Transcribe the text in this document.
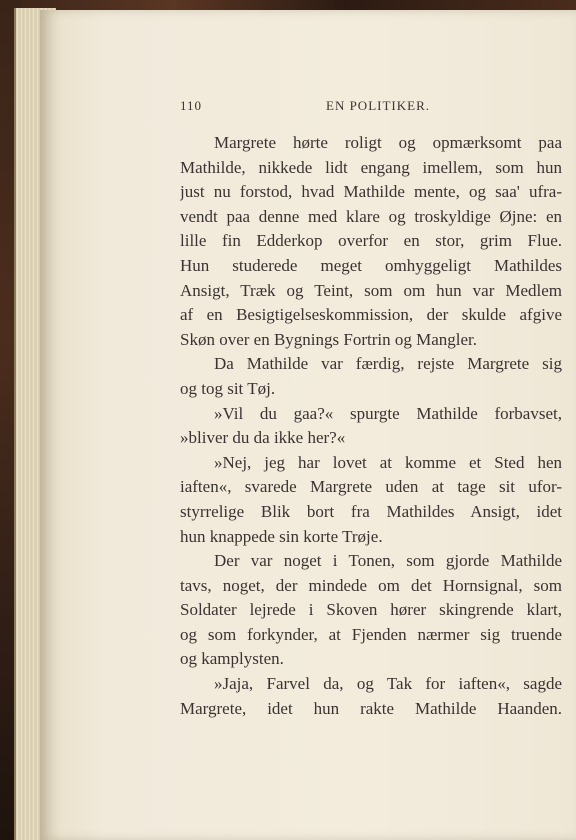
110	EN POLITIKER.
Margrete hørte roligt og opmærksomt paa
Mathilde, nikkede lidt engang imellem, som hun
just nu forstod, hvad Mathilde mente, og saa' ufra-
vendt paa denne med klare og troskyldige Øjne: en
lille fin Edderkop overfor en stor, grim Flue.
Hun studerede meget omhyggeligt Mathildes
Ansigt, Træk og Teint, som om hun var Medlem
af en Besigtigelseskommission, der skulde afgive
Skøn over en Bygnings Fortrin og Mangler.
Da Mathilde var færdig, rejste Margrete sig
og tog sit Tøj.
»Vil du gaa?« spurgte Mathilde forbavset,
»bliver du da ikke her?«
»Nej, jeg har lovet at komme et Sted hen
iaften«, svarede Margrete uden at tage sit ufor-
styrrelige Blik bort fra Mathildes Ansigt, idet
hun knappede sin korte Trøje.
Der var noget i Tonen, som gjorde Mathilde
tavs, noget, der mindede om det Hornsignal, som
Soldater lejrede i Skoven hører skingrende klart,
og som forkynder, at Fjenden nærmer sig truende
og kamplysten.
»Jaja, Farvel da, og Tak for iaften«, sagde
Margrete, idet hun rakte Mathilde Haanden.
